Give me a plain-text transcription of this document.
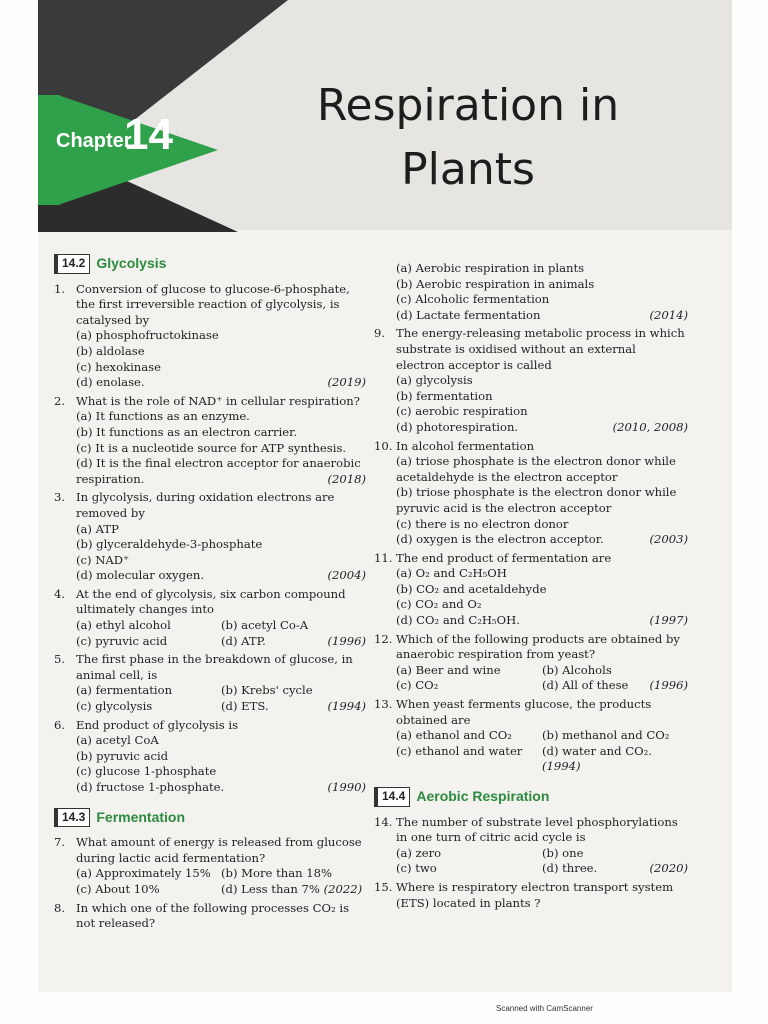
Chapter
14
Respiration in
Plants
14.2 Glycolysis
1. Conversion of glucose to glucose-6-phosphate, the first irreversible reaction of glycolysis, is catalysed by
(a) phosphofructokinase
(b) aldolase
(c) hexokinase
(d) enolase.	(2019)
2. What is the role of NAD⁺ in cellular respiration?
(a) It functions as an enzyme.
(b) It functions as an electron carrier.
(c) It is a nucleotide source for ATP synthesis.
(d) It is the final electron acceptor for anaerobic respiration.	(2018)
3. In glycolysis, during oxidation electrons are removed by
(a) ATP
(b) glyceraldehyde-3-phosphate
(c) NAD⁺
(d) molecular oxygen.	(2004)
4. At the end of glycolysis, six carbon compound ultimately changes into
(a) ethyl alcohol	(b) acetyl Co-A
(c) pyruvic acid	(d) ATP.	(1996)
5. The first phase in the breakdown of glucose, in animal cell, is
(a) fermentation	(b) Krebs' cycle
(c) glycolysis	(d) ETS.	(1994)
6. End product of glycolysis is
(a) acetyl CoA
(b) pyruvic acid
(c) glucose 1-phosphate
(d) fructose 1-phosphate.	(1990)
14.3 Fermentation
7. What amount of energy is released from glucose during lactic acid fermentation?
(a) Approximately 15% (b) More than 18%
(c) About 10%	(d) Less than 7% (2022)
8. In which one of the following processes CO₂ is not released?
(a) Aerobic respiration in plants
(b) Aerobic respiration in animals
(c) Alcoholic fermentation
(d) Lactate fermentation	(2014)
9. The energy-releasing metabolic process in which substrate is oxidised without an external electron acceptor is called
(a) glycolysis
(b) fermentation
(c) aerobic respiration
(d) photorespiration.	(2010, 2008)
10. In alcohol fermentation
(a) triose phosphate is the electron donor while acetaldehyde is the electron acceptor
(b) triose phosphate is the electron donor while pyruvic acid is the electron acceptor
(c) there is no electron donor
(d) oxygen is the electron acceptor.	(2003)
11. The end product of fermentation are
(a) O₂ and C₂H₅OH
(b) CO₂ and acetaldehyde
(c) CO₂ and O₂
(d) CO₂ and C₂H₅OH.	(1997)
12. Which of the following products are obtained by anaerobic respiration from yeast?
(a) Beer and wine	(b) Alcohols
(c) CO₂	(d) All of these (1996)
13. When yeast ferments glucose, the products obtained are
(a) ethanol and CO₂	(b) methanol and CO₂
(c) ethanol and water	(d) water and CO₂. (1994)
14.4 Aerobic Respiration
14. The number of substrate level phosphorylations in one turn of citric acid cycle is
(a) zero	(b) one
(c) two	(d) three.	(2020)
15. Where is respiratory electron transport system (ETS) located in plants ?
Scanned with CamScanner
